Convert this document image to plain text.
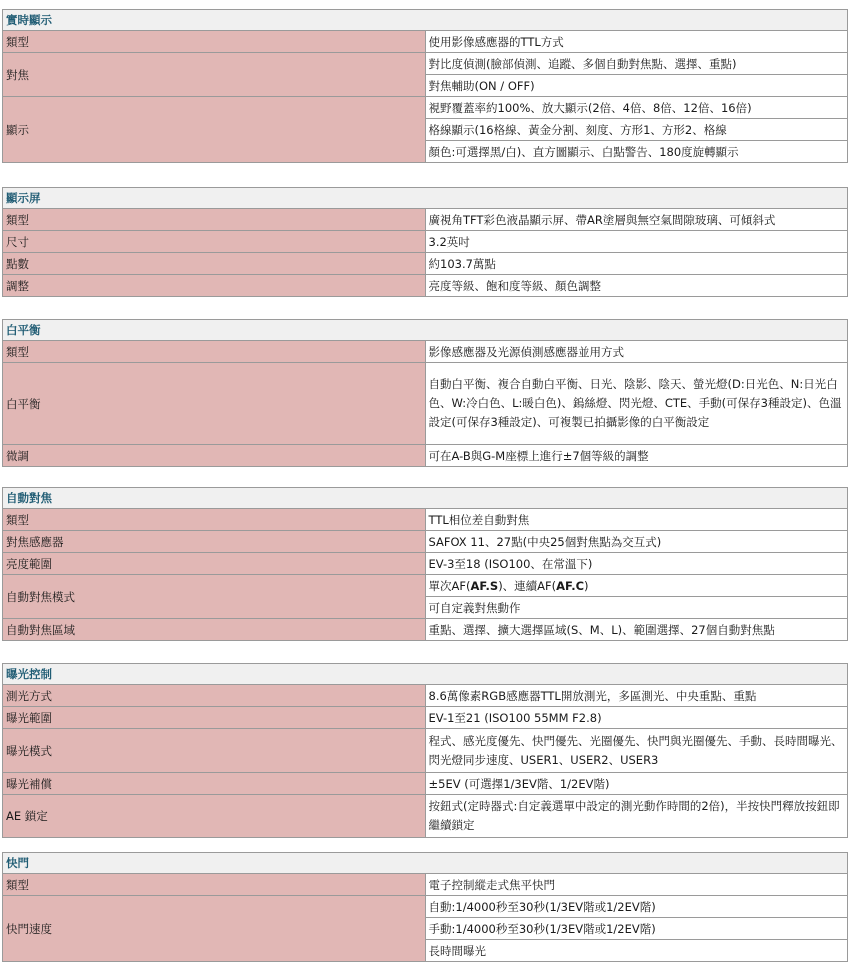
實時顯示	
類型	使用影像感應器的TTL方式
對焦	對比度偵測(臉部偵測、追蹤、多個自動對焦點、選擇、重點)
	對焦輔助(ON / OFF)
顯示	視野覆蓋率約100%、放大顯示(2倍、4倍、8倍、12倍、16倍)
	格線顯示(16格線、黃金分割、刻度、方形1、方形2、格線
	顏色:可選擇黑/白)、直方圖顯示、白點警告、180度旋轉顯示
顯示屏	
類型	廣視角TFT彩色液晶顯示屏、帶AR塗層與無空氣間隙玻璃、可傾斜式
尺寸	3.2英吋
點數	約103.7萬點
調整	亮度等級、飽和度等級、顏色調整
白平衡	
類型	影像感應器及光源偵測感應器並用方式
白平衡	自動白平衡、複合自動白平衡、日光、陰影、陰天、螢光燈(D:日光色、N:日光白色、W:冷白色、L:暖白色)、鎢絲燈、閃光燈、CTE、手動(可保存3種設定)、色溫設定(可保存3種設定)、可複製已拍攝影像的白平衡設定
微調	可在A-B與G-M座標上進行±7個等級的調整
自動對焦	
類型	TTL相位差自動對焦
對焦感應器	SAFOX 11、27點(中央25個對焦點為交互式)
亮度範圍	EV-3至18 (ISO100、在常溫下)
自動對焦模式	單次AF(AF.S)、連續AF(AF.C)
	可自定義對焦動作
自動對焦區域	重點、選擇、擴大選擇區域(S、M、L)、範圍選擇、27個自動對焦點
曝光控制	
測光方式	8.6萬像素RGB感應器TTL開放測光，多區測光、中央重點、重點
曝光範圍	EV-1至21 (ISO100 55MM F2.8)
曝光模式	程式、感光度優先、快門優先、光圈優先、快門與光圈優先、手動、長時間曝光、閃光燈同步速度、USER1、USER2、USER3
曝光補償	±5EV (可選擇1/3EV階、1/2EV階)
AE 鎖定	按鈕式(定時器式:自定義選單中設定的測光動作時間的2倍)，半按快門釋放按鈕即繼續鎖定
快門	
類型	電子控制縱走式焦平快門
快門速度	自動:1/4000秒至30秒(1/3EV階或1/2EV階)
	手動:1/4000秒至30秒(1/3EV階或1/2EV階)
	長時間曝光
